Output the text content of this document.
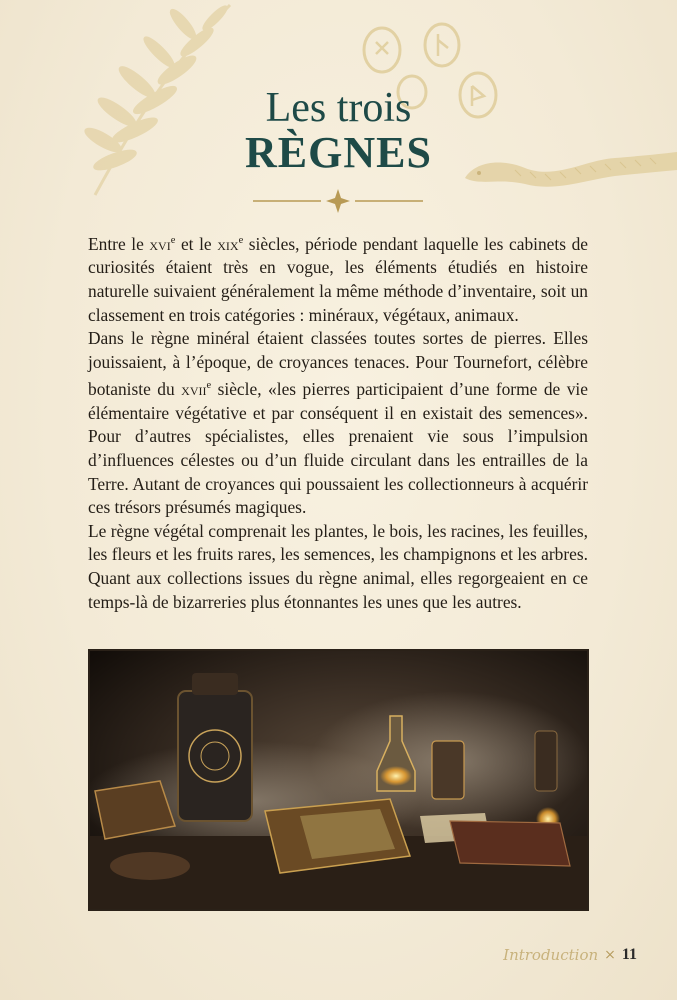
Les trois
RÈGNES

Entre le xvi$^e$ et le xix$^e$ siècles, période pendant laquelle les cabinets de curiosités étaient très en vogue, les éléments étudiés en histoire naturelle suivaient généralement la même méthode d’inventaire, soit un classement en trois catégories : minéraux, végétaux, animaux.

Dans le règne minéral étaient classées toutes sortes de pierres. Elles jouissaient, à l’époque, de croyances tenaces. Pour Tournefort, célèbre botaniste du xvii$^e$ siècle, «les pierres participaient d’une forme de vie élémentaire végétative et par conséquent il en existait des semences». Pour d’autres spécialistes, elles prenaient vie sous l’impulsion d’influences célestes ou d’un fluide circulant dans les entrailles de la Terre. Autant de croyances qui poussaient les collectionneurs à acquérir ces trésors présumés magiques.

Le règne végétal comprenait les plantes, le bois, les racines, les feuilles, les fleurs et les fruits rares, les semences, les champignons et les arbres. Quant aux collections issues du règne animal, elles regorgeaient en ce temps-là de bizarreries plus étonnantes les unes que les autres.

Introduction × 11
